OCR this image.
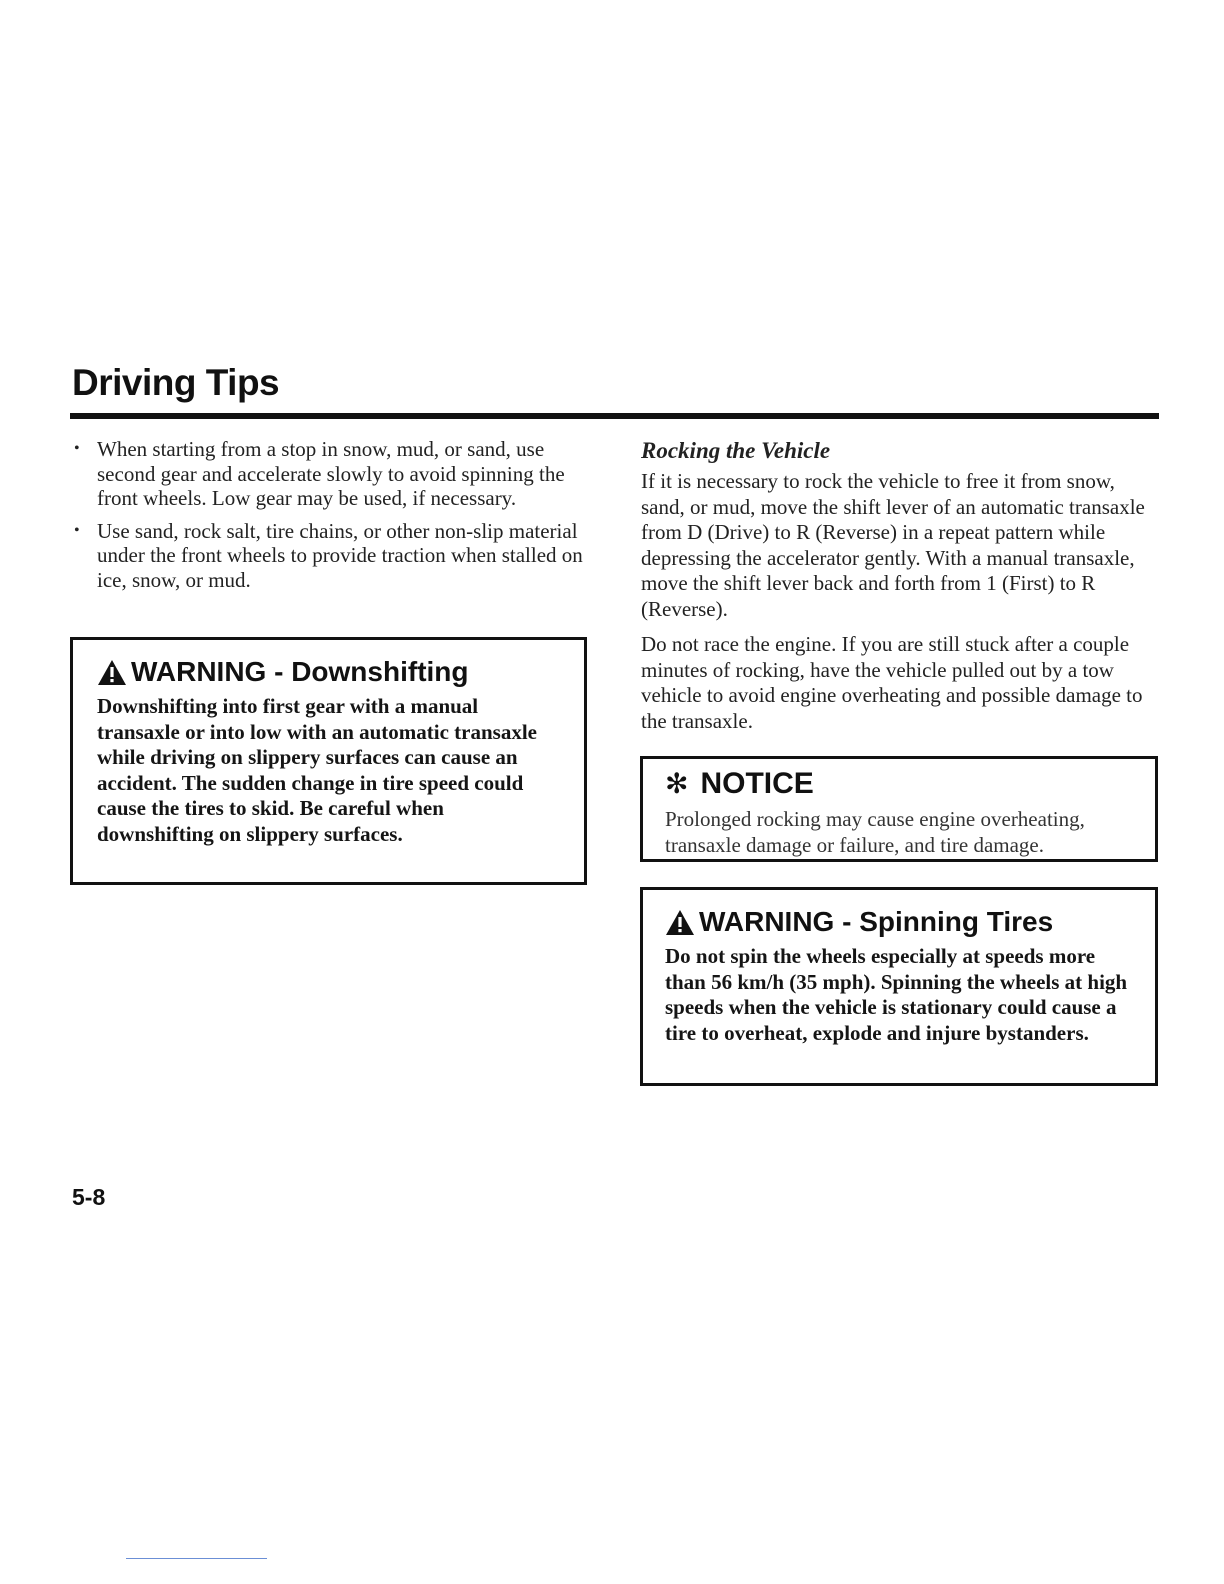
Driving Tips
• When starting from a stop in snow, mud, or sand, use second gear and accelerate slowly to avoid spinning the front wheels. Low gear may be used, if necessary.
• Use sand, rock salt, tire chains, or other non-slip material under the front wheels to provide traction when stalled on ice, snow, or mud.
WARNING - Downshifting

Downshifting into first gear with a manual transaxle or into low with an automatic transaxle while driving on slippery surfaces can cause an accident. The sudden change in tire speed could cause the tires to skid. Be careful when downshifting on slippery surfaces.

Rocking the Vehicle

If it is necessary to rock the vehicle to free it from snow, sand, or mud, move the shift lever of an automatic transaxle from D (Drive) to R (Reverse) in a repeat pattern while depressing the accelerator gently. With a manual transaxle, move the shift lever back and forth from 1 (First) to R (Reverse).

Do not race the engine. If you are still stuck after a couple minutes of rocking, have the vehicle pulled out by a tow vehicle to avoid engine overheating and possible damage to the transaxle.

✻ NOTICE

Prolonged rocking may cause engine overheating, transaxle damage or failure, and tire damage.

WARNING - Spinning Tires

Do not spin the wheels especially at speeds more than 56 km/h (35 mph). Spinning the wheels at high speeds when the vehicle is stationary could cause a tire to overheat, explode and injure bystanders.

5-8
